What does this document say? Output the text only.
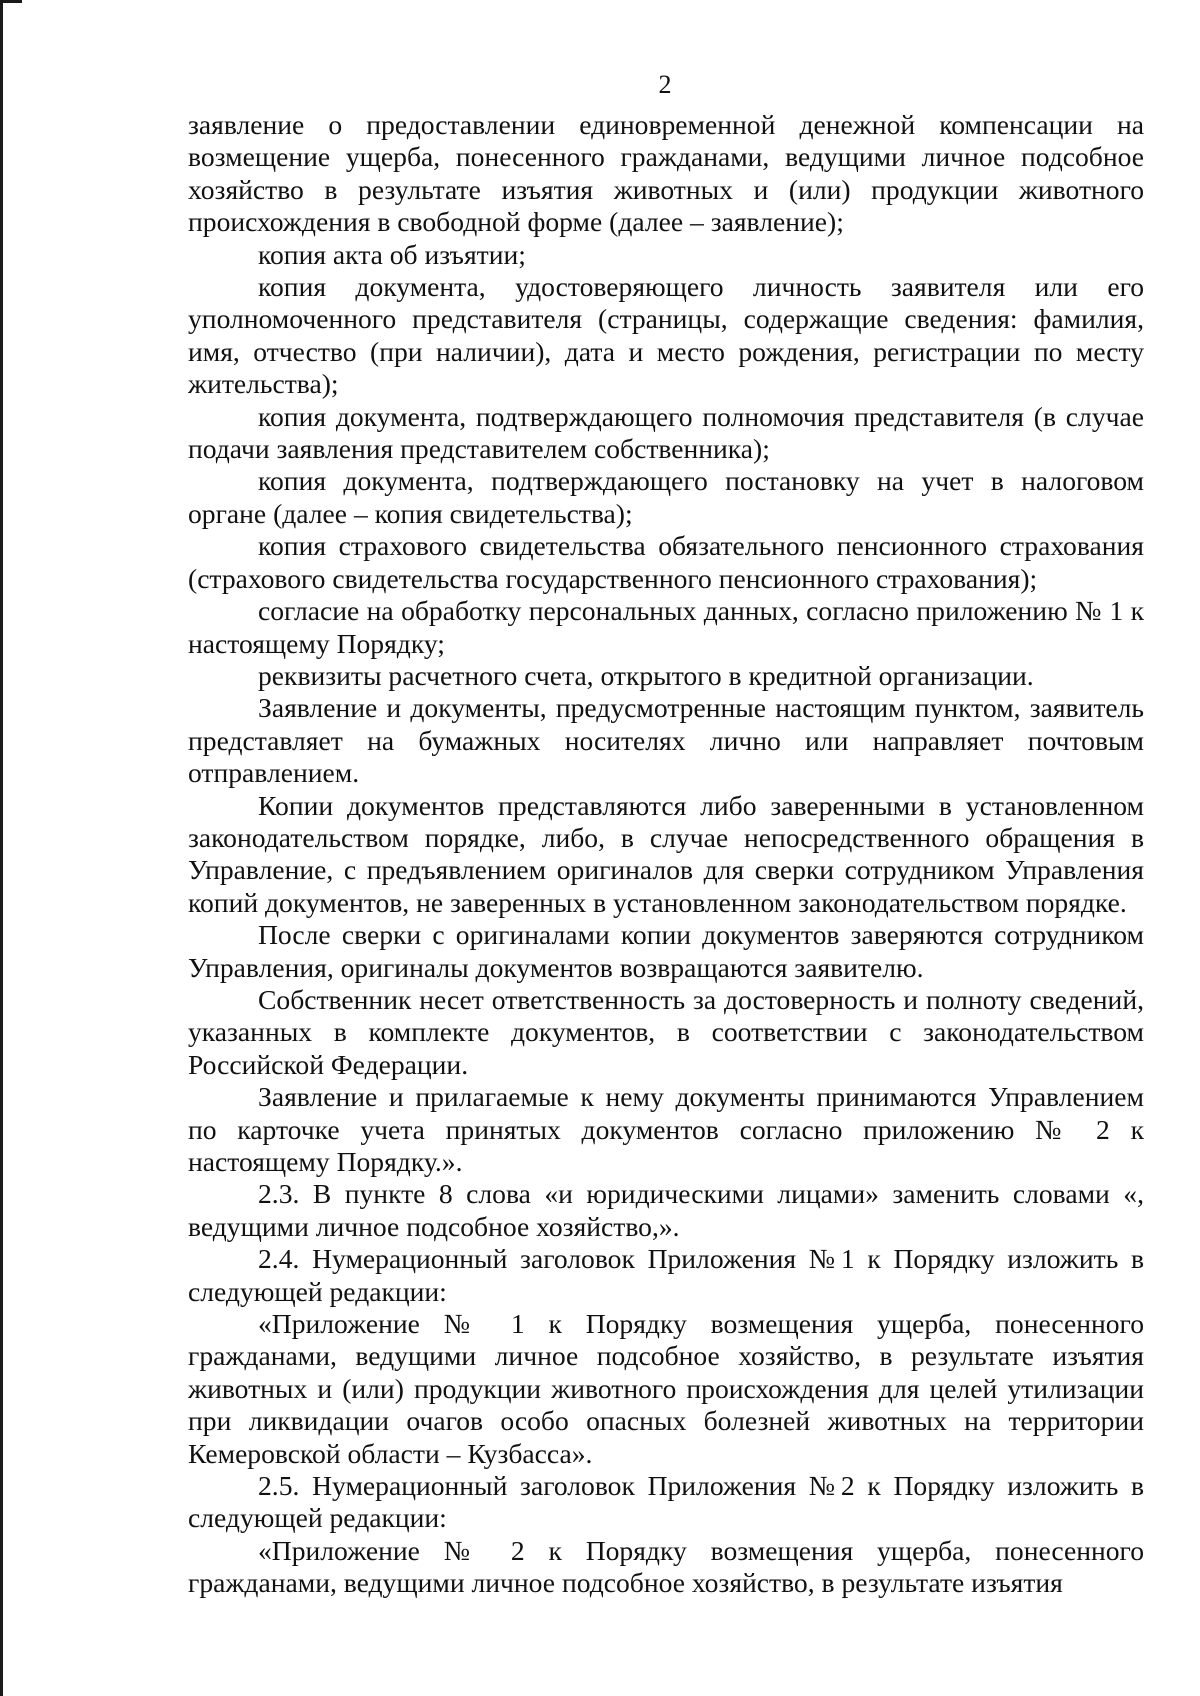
2

заявление о предоставлении единовременной денежной компенсации на возмещение ущерба, понесенного гражданами, ведущими личное подсобное хозяйство в результате изъятия животных и (или) продукции животного происхождения в свободной форме (далее – заявление);

копия акта об изъятии;

копия документа, удостоверяющего личность заявителя или его уполномоченного представителя (страницы, содержащие сведения: фамилия, имя, отчество (при наличии), дата и место рождения, регистрации по месту жительства);

копия документа, подтверждающего полномочия представителя (в случае подачи заявления представителем собственника);

копия документа, подтверждающего постановку на учет в налоговом органе (далее – копия свидетельства);

копия страхового свидетельства обязательного пенсионного страхования (страхового свидетельства государственного пенсионного страхования);

согласие на обработку персональных данных, согласно приложению № 1 к настоящему Порядку;

реквизиты расчетного счета, открытого в кредитной организации.

Заявление и документы, предусмотренные настоящим пунктом, заявитель представляет на бумажных носителях лично или направляет почтовым отправлением.

Копии документов представляются либо заверенными в установленном законодательством порядке, либо, в случае непосредственного обращения в Управление, с предъявлением оригиналов для сверки сотрудником Управления копий документов, не заверенных в установленном законодательством порядке.

После сверки с оригиналами копии документов заверяются сотрудником Управления, оригиналы документов возвращаются заявителю.

Собственник несет ответственность за достоверность и полноту сведений, указанных в комплекте документов, в соответствии с законодательством Российской Федерации.

Заявление и прилагаемые к нему документы принимаются Управлением по карточке учета принятых документов согласно приложению № 2 к настоящему Порядку.».

2.3. В пункте 8 слова «и юридическими лицами» заменить словами «, ведущими личное подсобное хозяйство,».

2.4. Нумерационный заголовок Приложения №1 к Порядку изложить в следующей редакции:

«Приложение № 1 к Порядку возмещения ущерба, понесенного гражданами, ведущими личное подсобное хозяйство, в результате изъятия животных и (или) продукции животного происхождения для целей утилизации при ликвидации очагов особо опасных болезней животных на территории Кемеровской области – Кузбасса».

2.5. Нумерационный заголовок Приложения №2 к Порядку изложить в следующей редакции:

«Приложение № 2 к Порядку возмещения ущерба, понесенного гражданами, ведущими личное подсобное хозяйство, в результате изъятия
